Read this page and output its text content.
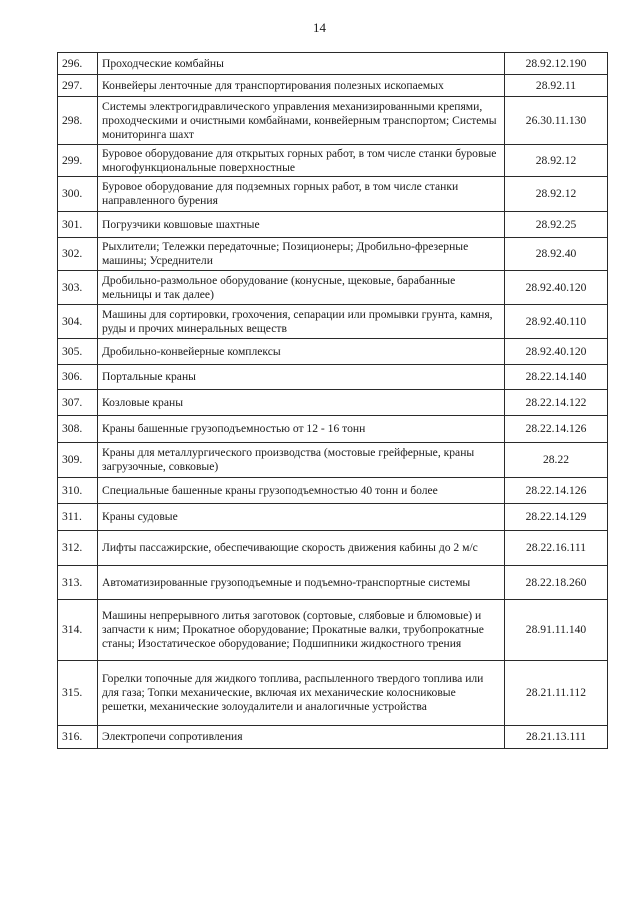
14
296.	Проходческие комбайны	28.92.12.190
297.	Конвейеры ленточные для транспортирования полезных ископаемых	28.92.11
298.	Системы электрогидравлического управления механизированными крепями, проходческими и очистными комбайнами, конвейерным транспортом; Системы мониторинга шахт	26.30.11.130
299.	Буровое оборудование для открытых горных работ, в том числе станки буровые многофункциональные поверхностные	28.92.12
300.	Буровое оборудование для подземных горных работ, в том числе станки направленного бурения	28.92.12
301.	Погрузчики ковшовые шахтные	28.92.25
302.	Рыхлители; Тележки передаточные; Позиционеры; Дробильно-фрезерные машины; Усреднители	28.92.40
303.	Дробильно-размольное оборудование (конусные, щековые, барабанные мельницы и так далее)	28.92.40.120
304.	Машины для сортировки, грохочения, сепарации или промывки грунта, камня, руды и прочих минеральных веществ	28.92.40.110
305.	Дробильно-конвейерные комплексы	28.92.40.120
306.	Портальные краны	28.22.14.140
307.	Козловые краны	28.22.14.122
308.	Краны башенные грузоподъемностью от 12 - 16 тонн	28.22.14.126
309.	Краны для металлургического производства (мостовые грейферные, краны загрузочные, совковые)	28.22
310.	Специальные башенные краны грузоподъемностью 40 тонн и более	28.22.14.126
311.	Краны судовые	28.22.14.129
312.	Лифты пассажирские, обеспечивающие скорость движения кабины до 2 м/с	28.22.16.111
313.	Автоматизированные грузоподъемные и подъемно-транспортные системы	28.22.18.260
314.	Машины непрерывного литья заготовок (сортовые, слябовые и блюмовые) и запчасти к ним; Прокатное оборудование; Прокатные валки, трубопрокатные станы; Изостатическое оборудование; Подшипники жидкостного трения	28.91.11.140
315.	Горелки топочные для жидкого топлива, распыленного твердого топлива или для газа; Топки механические, включая их механические колосниковые решетки, механические золоудалители и аналогичные устройства	28.21.11.112
316.	Электропечи сопротивления	28.21.13.111
